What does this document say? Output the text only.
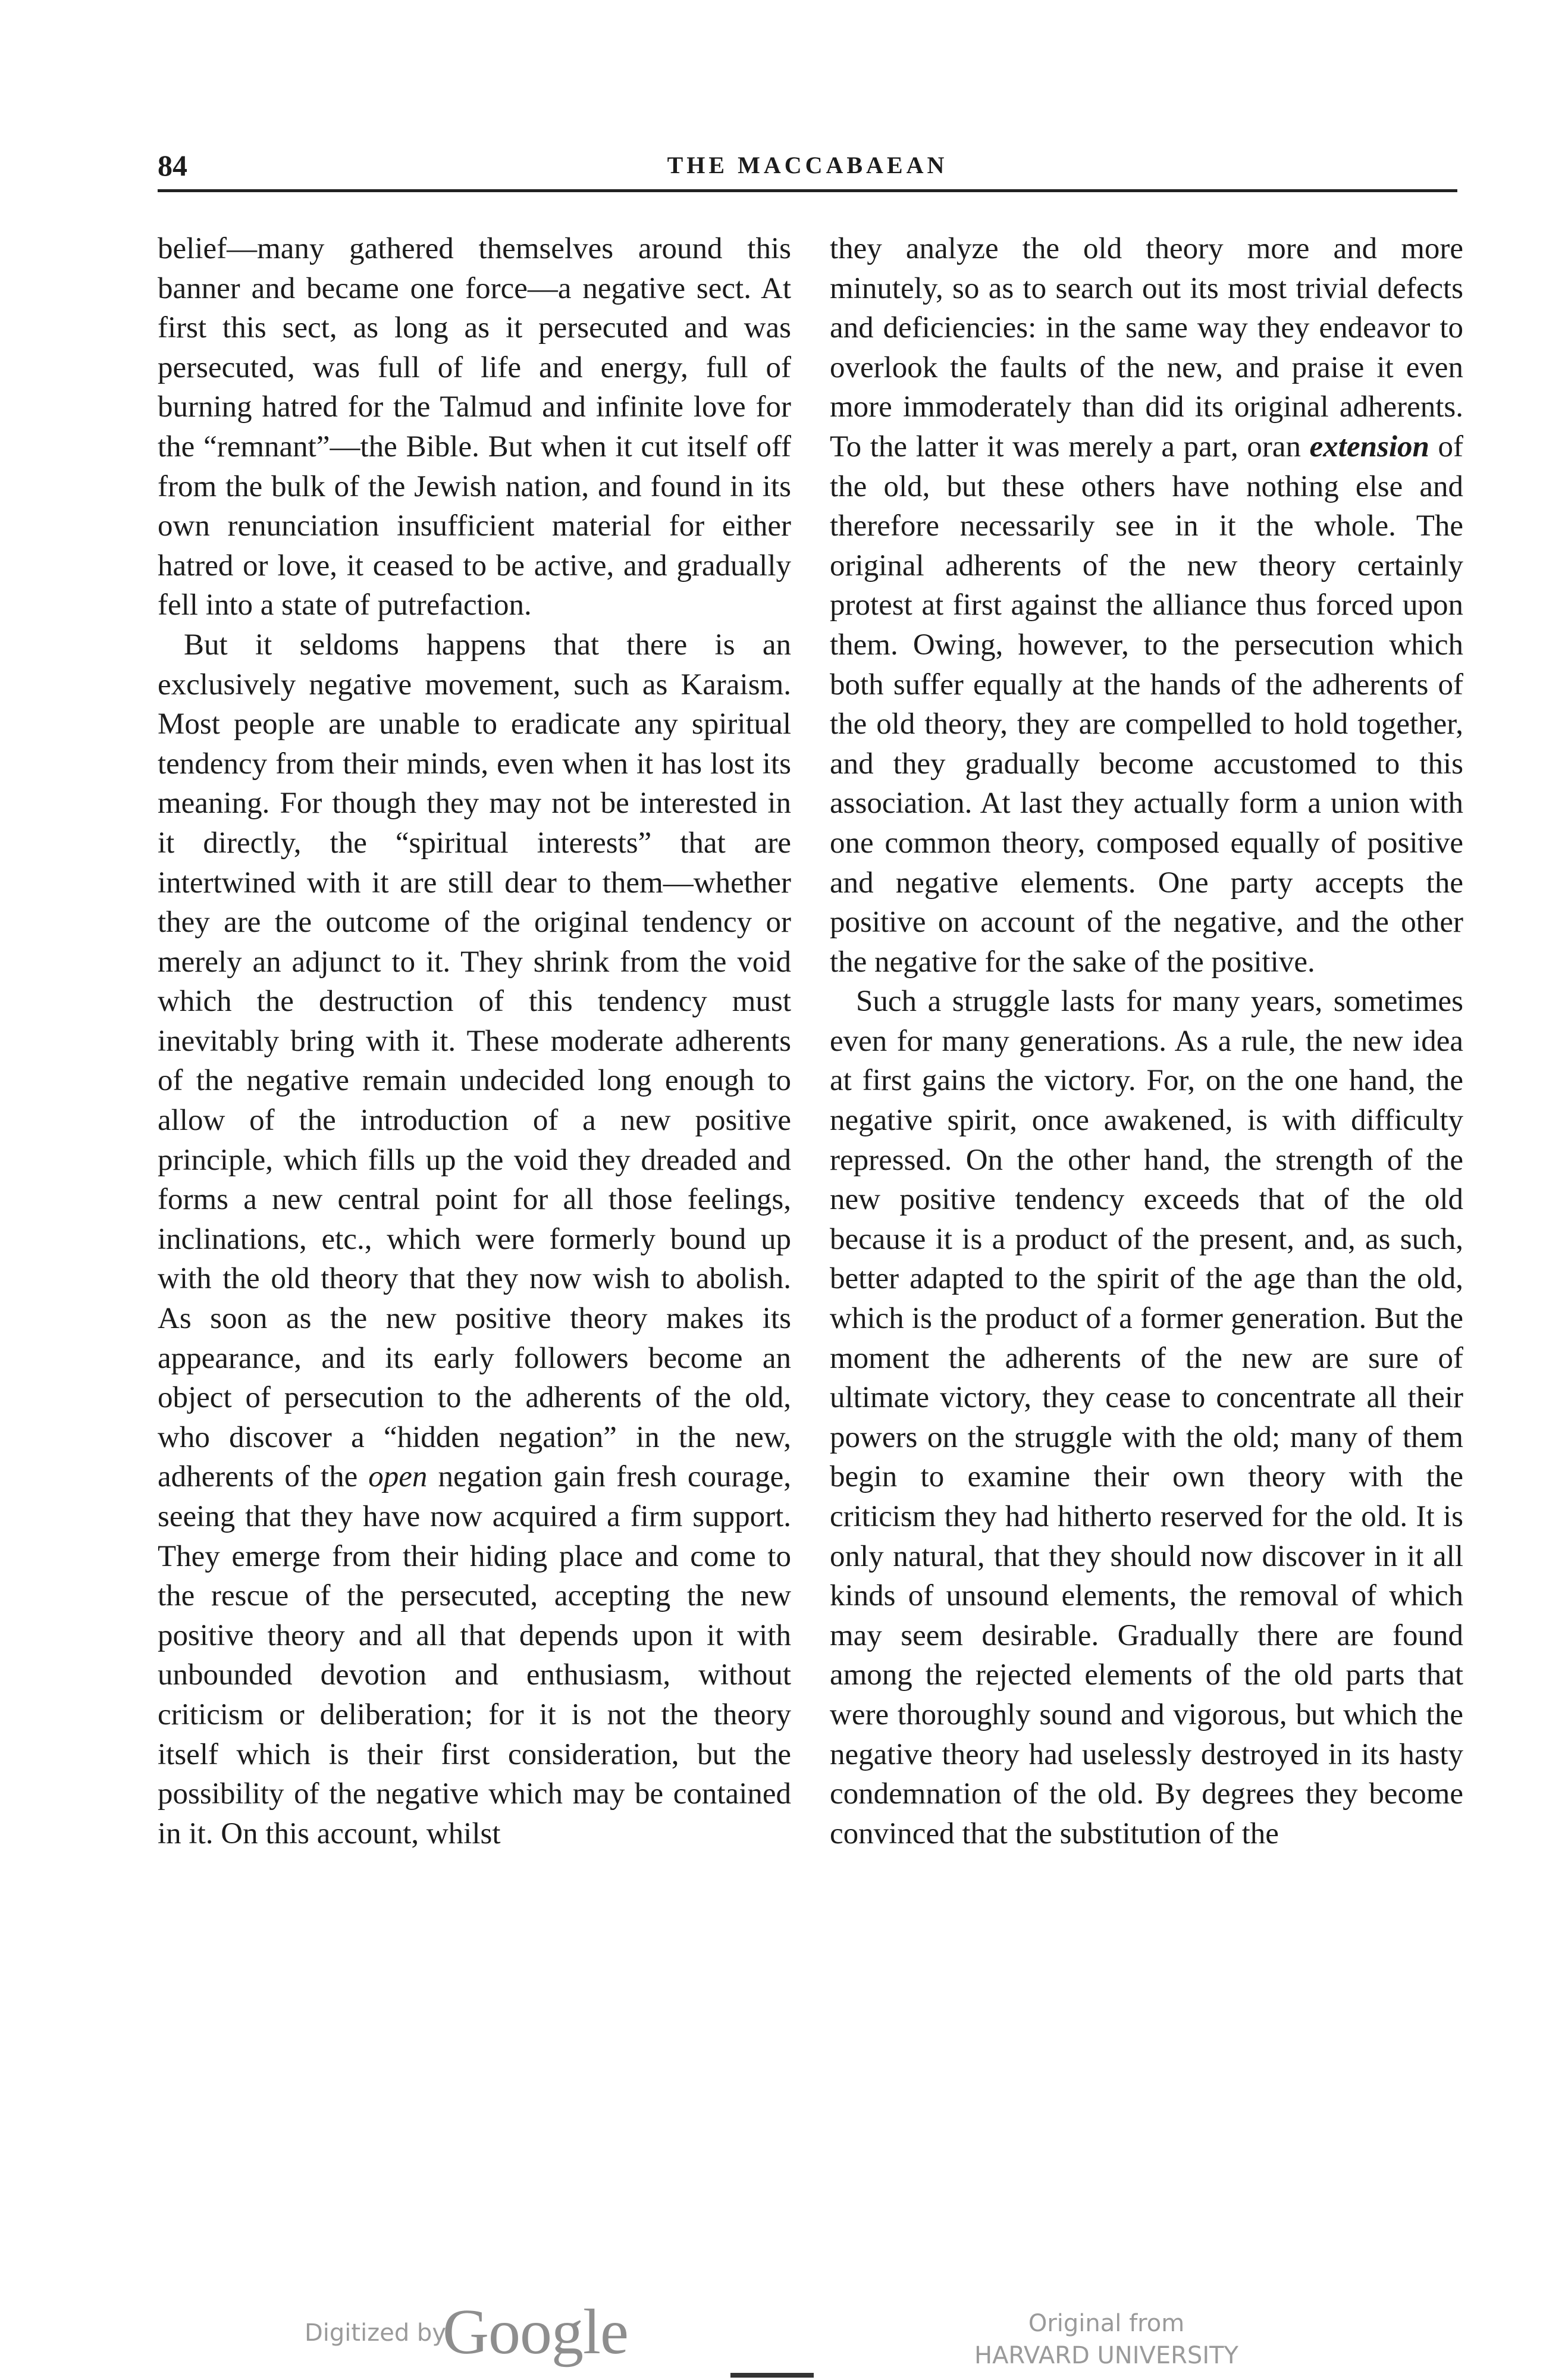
84	THE MACCABAEAN

belief—many gathered themselves around this banner and became one force—a negative sect. At first this sect, as long as it persecuted and was persecuted, was full of life and energy, full of burning hatred for the Talmud and infinite love for the “remnant”—the Bible. But when it cut itself off from the bulk of the Jewish nation, and found in its own renunciation insufficient material for either hatred or love, it ceased to be active, and gradually fell into a state of putrefaction.

But it seldoms happens that there is an exclusively negative movement, such as Karaism. Most people are unable to eradicate any spiritual tendency from their minds, even when it has lost its meaning. For though they may not be interested in it directly, the “spiritual interests” that are intertwined with it are still dear to them—whether they are the outcome of the original tendency or merely an adjunct to it. They shrink from the void which the destruction of this tendency must inevitably bring with it. These moderate adherents of the negative remain undecided long enough to allow of the introduction of a new positive principle, which fills up the void they dreaded and forms a new central point for all those feelings, inclinations, etc., which were formerly bound up with the old theory that they now wish to abolish. As soon as the new positive theory makes its appearance, and its early followers become an object of persecution to the adherents of the old, who discover a “hidden negation” in the new, adherents of the open negation gain fresh courage, seeing that they have now acquired a firm support. They emerge from their hiding place and come to the rescue of the persecuted, accepting the new positive theory and all that depends upon it with unbounded devotion and enthusiasm, without criticism or deliberation; for it is not the theory itself which is their first consideration, but the possibility of the negative which may be contained in it. On this account, whilst

they analyze the old theory more and more minutely, so as to search out its most trivial defects and deficiencies: in the same way they endeavor to overlook the faults of the new, and praise it even more immoderately than did its original adherents. To the latter it was merely a part, oran extension of the old, but these others have nothing else and therefore necessarily see in it the whole. The original adherents of the new theory certainly protest at first against the alliance thus forced upon them. Owing, however, to the persecution which both suffer equally at the hands of the adherents of the old theory, they are compelled to hold together, and they gradually become accustomed to this association. At last they actually form a union with one common theory, composed equally of positive and negative elements. One party accepts the positive on account of the negative, and the other the negative for the sake of the positive.

Such a struggle lasts for many years, sometimes even for many generations. As a rule, the new idea at first gains the victory. For, on the one hand, the negative spirit, once awakened, is with difficulty repressed. On the other hand, the strength of the new positive tendency exceeds that of the old because it is a product of the present, and, as such, better adapted to the spirit of the age than the old, which is the product of a former generation. But the moment the adherents of the new are sure of ultimate victory, they cease to concentrate all their powers on the struggle with the old; many of them begin to examine their own theory with the criticism they had hitherto reserved for the old. It is only natural, that they should now discover in it all kinds of unsound elements, the removal of which may seem desirable. Gradually there are found among the rejected elements of the old parts that were thoroughly sound and vigorous, but which the negative theory had uselessly destroyed in its hasty condemnation of the old. By degrees they become convinced that the substitution of the

Digitized by
Google	Original from
HARVARD UNIVERSITY
